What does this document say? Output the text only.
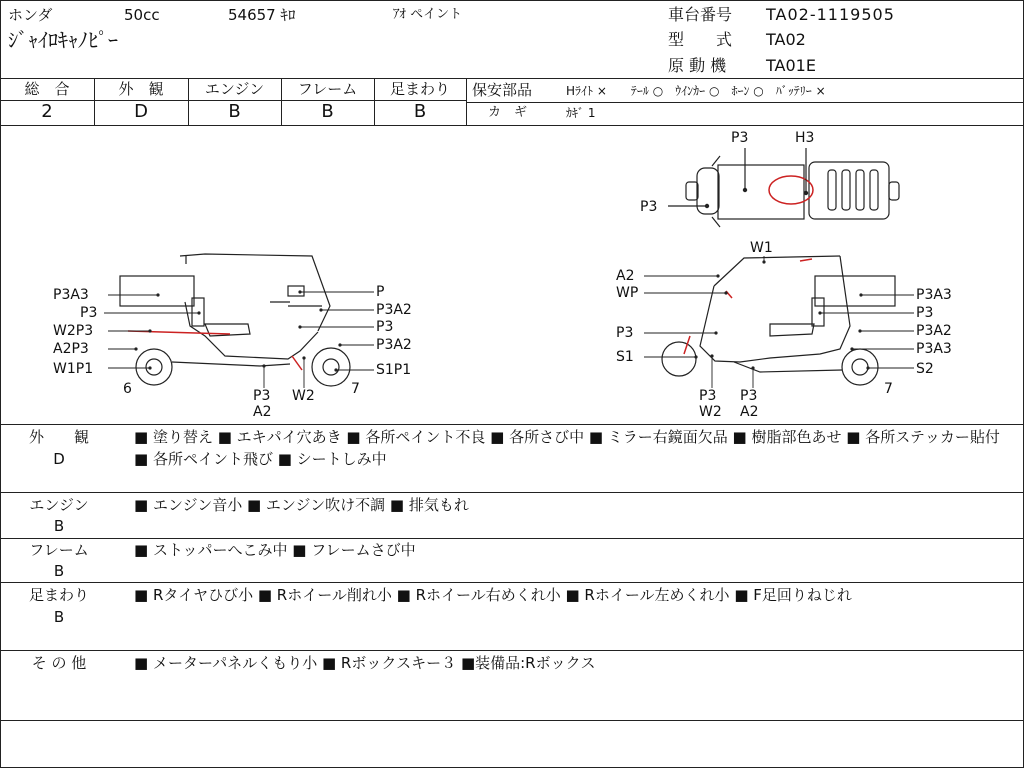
ホンダ	50cc	54657 ｷﾛ	ｱｵ ペイント
ｼﾞｬｲﾛｷｬﾉﾋﾟｰ
車台番号 TA02-1119505
型　　式 TA02
原 動 機 TA01E
総　合
2
外　観
D
エンジン
B
フレーム
B
足まわり
B
保安部品	Hﾗｲﾄ ×　　ﾃｰﾙ ○　ｳｲﾝｶｰ ○　ﾎｰﾝ ○　ﾊﾞｯﾃﾘｰ ×
カ　ギ	ｶｷﾞ 1
P3	H3
P3
P3A3
P3
W2P3
A2P3
W1P1
6
P
P3A2
P3
P3A2
S1P1
7
P3
A2
W2
W1
A2
WP
P3
S1
P3
W2
P3
A2
P3A3
P3
P3A2
P3A3
S2
7
外　　観
D
■ 塗り替え ■ エキパイ穴あき ■ 各所ペイント不良 ■ 各所さび中 ■ ミラー右鏡面欠品 ■ 樹脂部色あせ ■ 各所ステッカー貼付 ■ 各所ペイント飛び ■ シートしみ中
エンジン
B
■ エンジン音小 ■ エンジン吹け不調 ■ 排気もれ
フレーム
B
■ ストッパーへこみ中 ■ フレームさび中
足まわり
B
■ Rタイヤひび小 ■ Rホイール削れ小 ■ Rホイール右めくれ小 ■ Rホイール左めくれ小 ■ F足回りねじれ
そ の 他	■ メーターパネルくもり小 ■ Rボックスキー３ ■装備品:Rボックス
